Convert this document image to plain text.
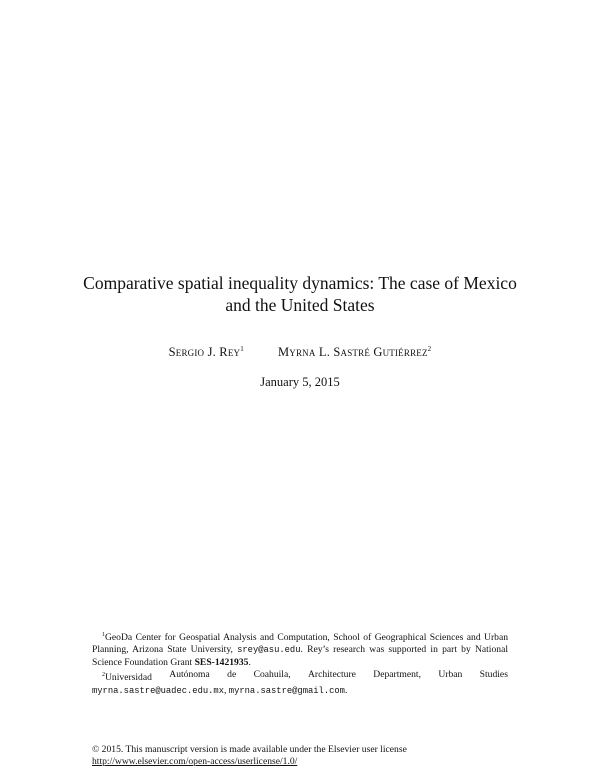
Comparative spatial inequality dynamics: The case of Mexico
and the United States
Sergio J. Rey$^1$	Myrna L. Sastré Gutiérrez$^2$
January 5, 2015

$^1$GeoDa Center for Geospatial Analysis and Computation, School of Geographical Sciences and Urban Planning, Arizona State University, srey@asu.edu. Rey’s research was supported in part by National Science Foundation Grant SES-1421935.

$^2$Universidad Autónoma de Coahuila, Architecture Department, Urban Studies

myrna.sastre@uadec.edu.mx, myrna.sastre@gmail.com.

© 2015. This manuscript version is made available under the Elsevier user license
http://www.elsevier.com/open-access/userlicense/1.0/
